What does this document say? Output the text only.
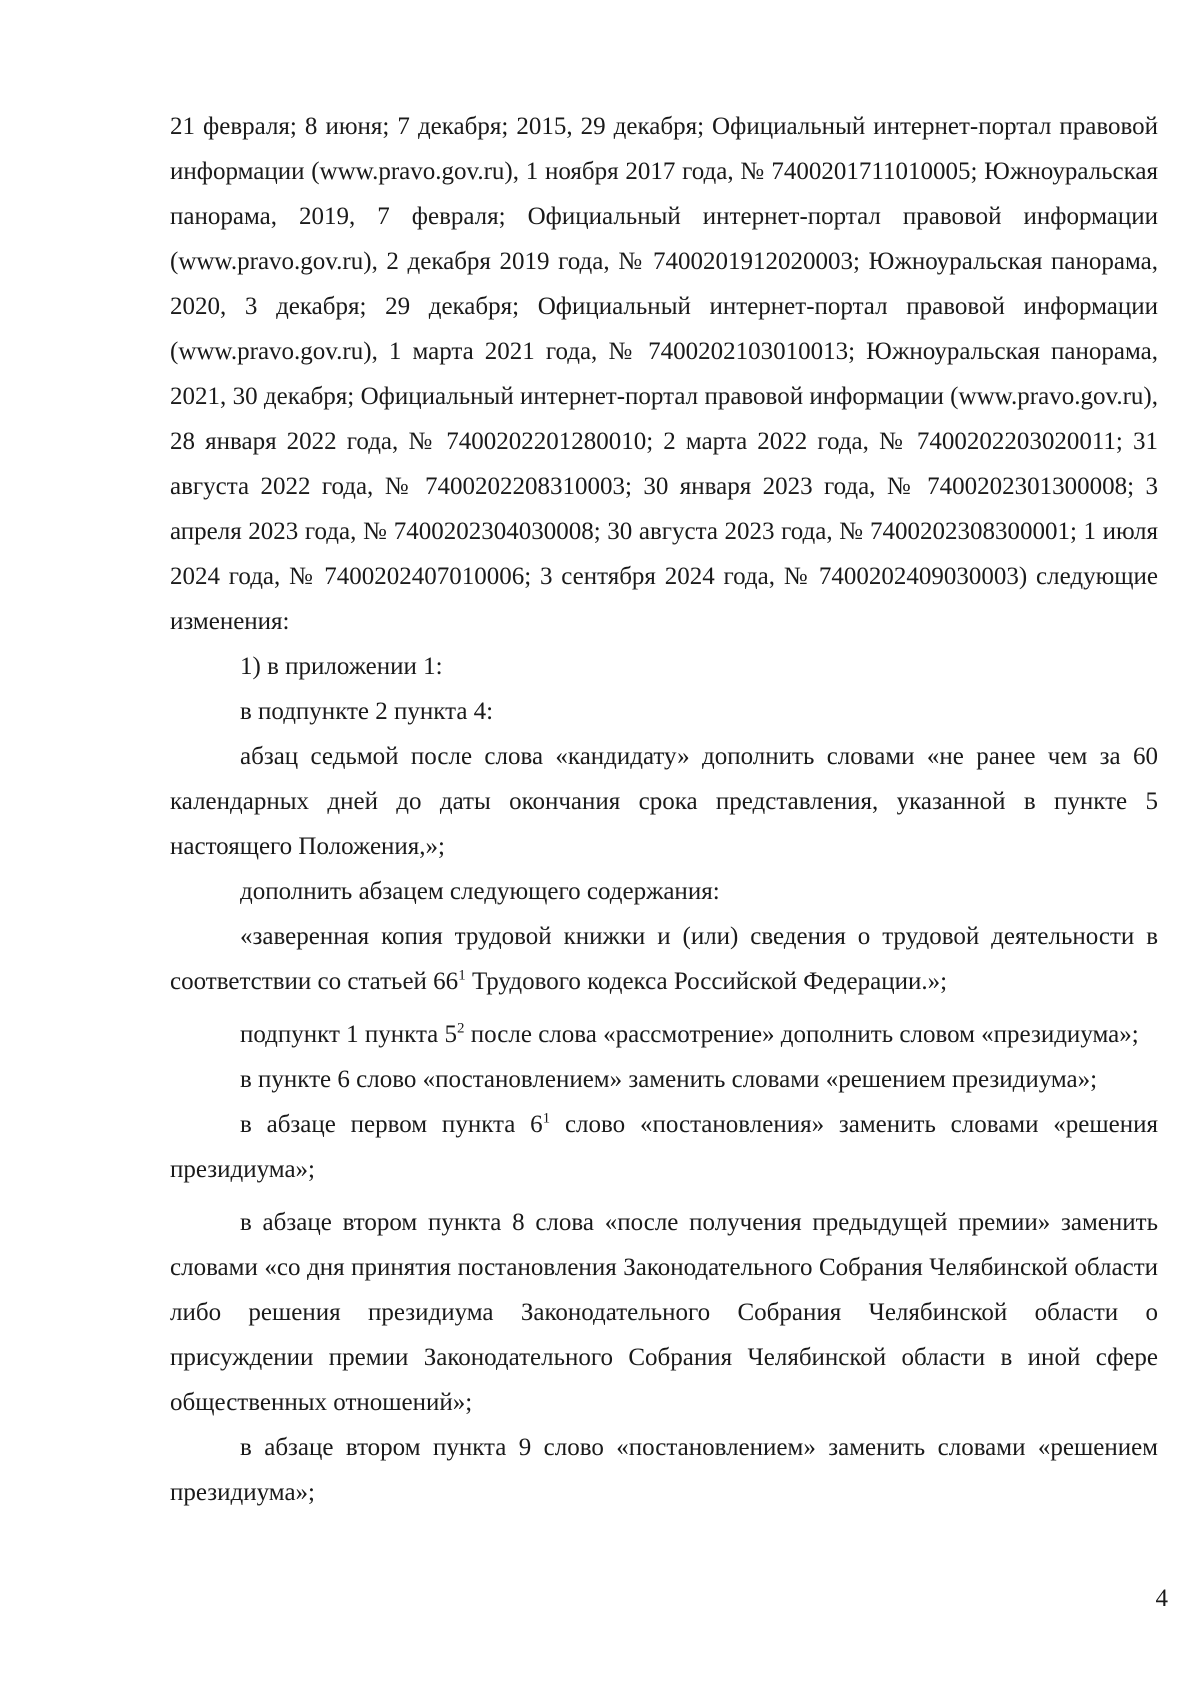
21 февраля; 8 июня; 7 декабря; 2015, 29 декабря; Официальный интернет-портал правовой информации (www.pravo.gov.ru), 1 ноября 2017 года, № 7400201711010005; Южноуральская панорама, 2019, 7 февраля; Официальный интернет-портал правовой информации (www.pravo.gov.ru), 2 декабря 2019 года, № 7400201912020003; Южноуральская панорама, 2020, 3 декабря; 29 декабря; Официальный интернет-портал правовой информации (www.pravo.gov.ru), 1 марта 2021 года, № 7400202103010013; Южноуральская панорама, 2021, 30 декабря; Официальный интернет-портал правовой информации (www.pravo.gov.ru), 28 января 2022 года, № 7400202201280010; 2 марта 2022 года, № 7400202203020011; 31 августа 2022 года, № 7400202208310003; 30 января 2023 года, № 7400202301300008; 3 апреля 2023 года, № 7400202304030008; 30 августа 2023 года, № 7400202308300001; 1 июля 2024 года, № 7400202407010006; 3 сентября 2024 года, № 7400202409030003) следующие изменения:

1) в приложении 1:

в подпункте 2 пункта 4:

абзац седьмой после слова «кандидату» дополнить словами «не ранее чем за 60 календарных дней до даты окончания срока представления, указанной в пункте 5 настоящего Положения,»;

дополнить абзацем следующего содержания:

«заверенная копия трудовой книжки и (или) сведения о трудовой деятельности в соответствии со статьей $66^1$ Трудового кодекса Российской Федерации.»;

подпункт 1 пункта $5^2$ после слова «рассмотрение» дополнить словом «президиума»;

в пункте 6 слово «постановлением» заменить словами «решением президиума»;

в абзаце первом пункта $6^1$ слово «постановления» заменить словами «решения президиума»;

в абзаце втором пункта 8 слова «после получения предыдущей премии» заменить словами «со дня принятия постановления Законодательного Собрания Челябинской области либо решения президиума Законодательного Собрания Челябинской области о присуждении премии Законодательного Собрания Челябинской области в иной сфере общественных отношений»;

в абзаце втором пункта 9 слово «постановлением» заменить словами «решением президиума»;

4
